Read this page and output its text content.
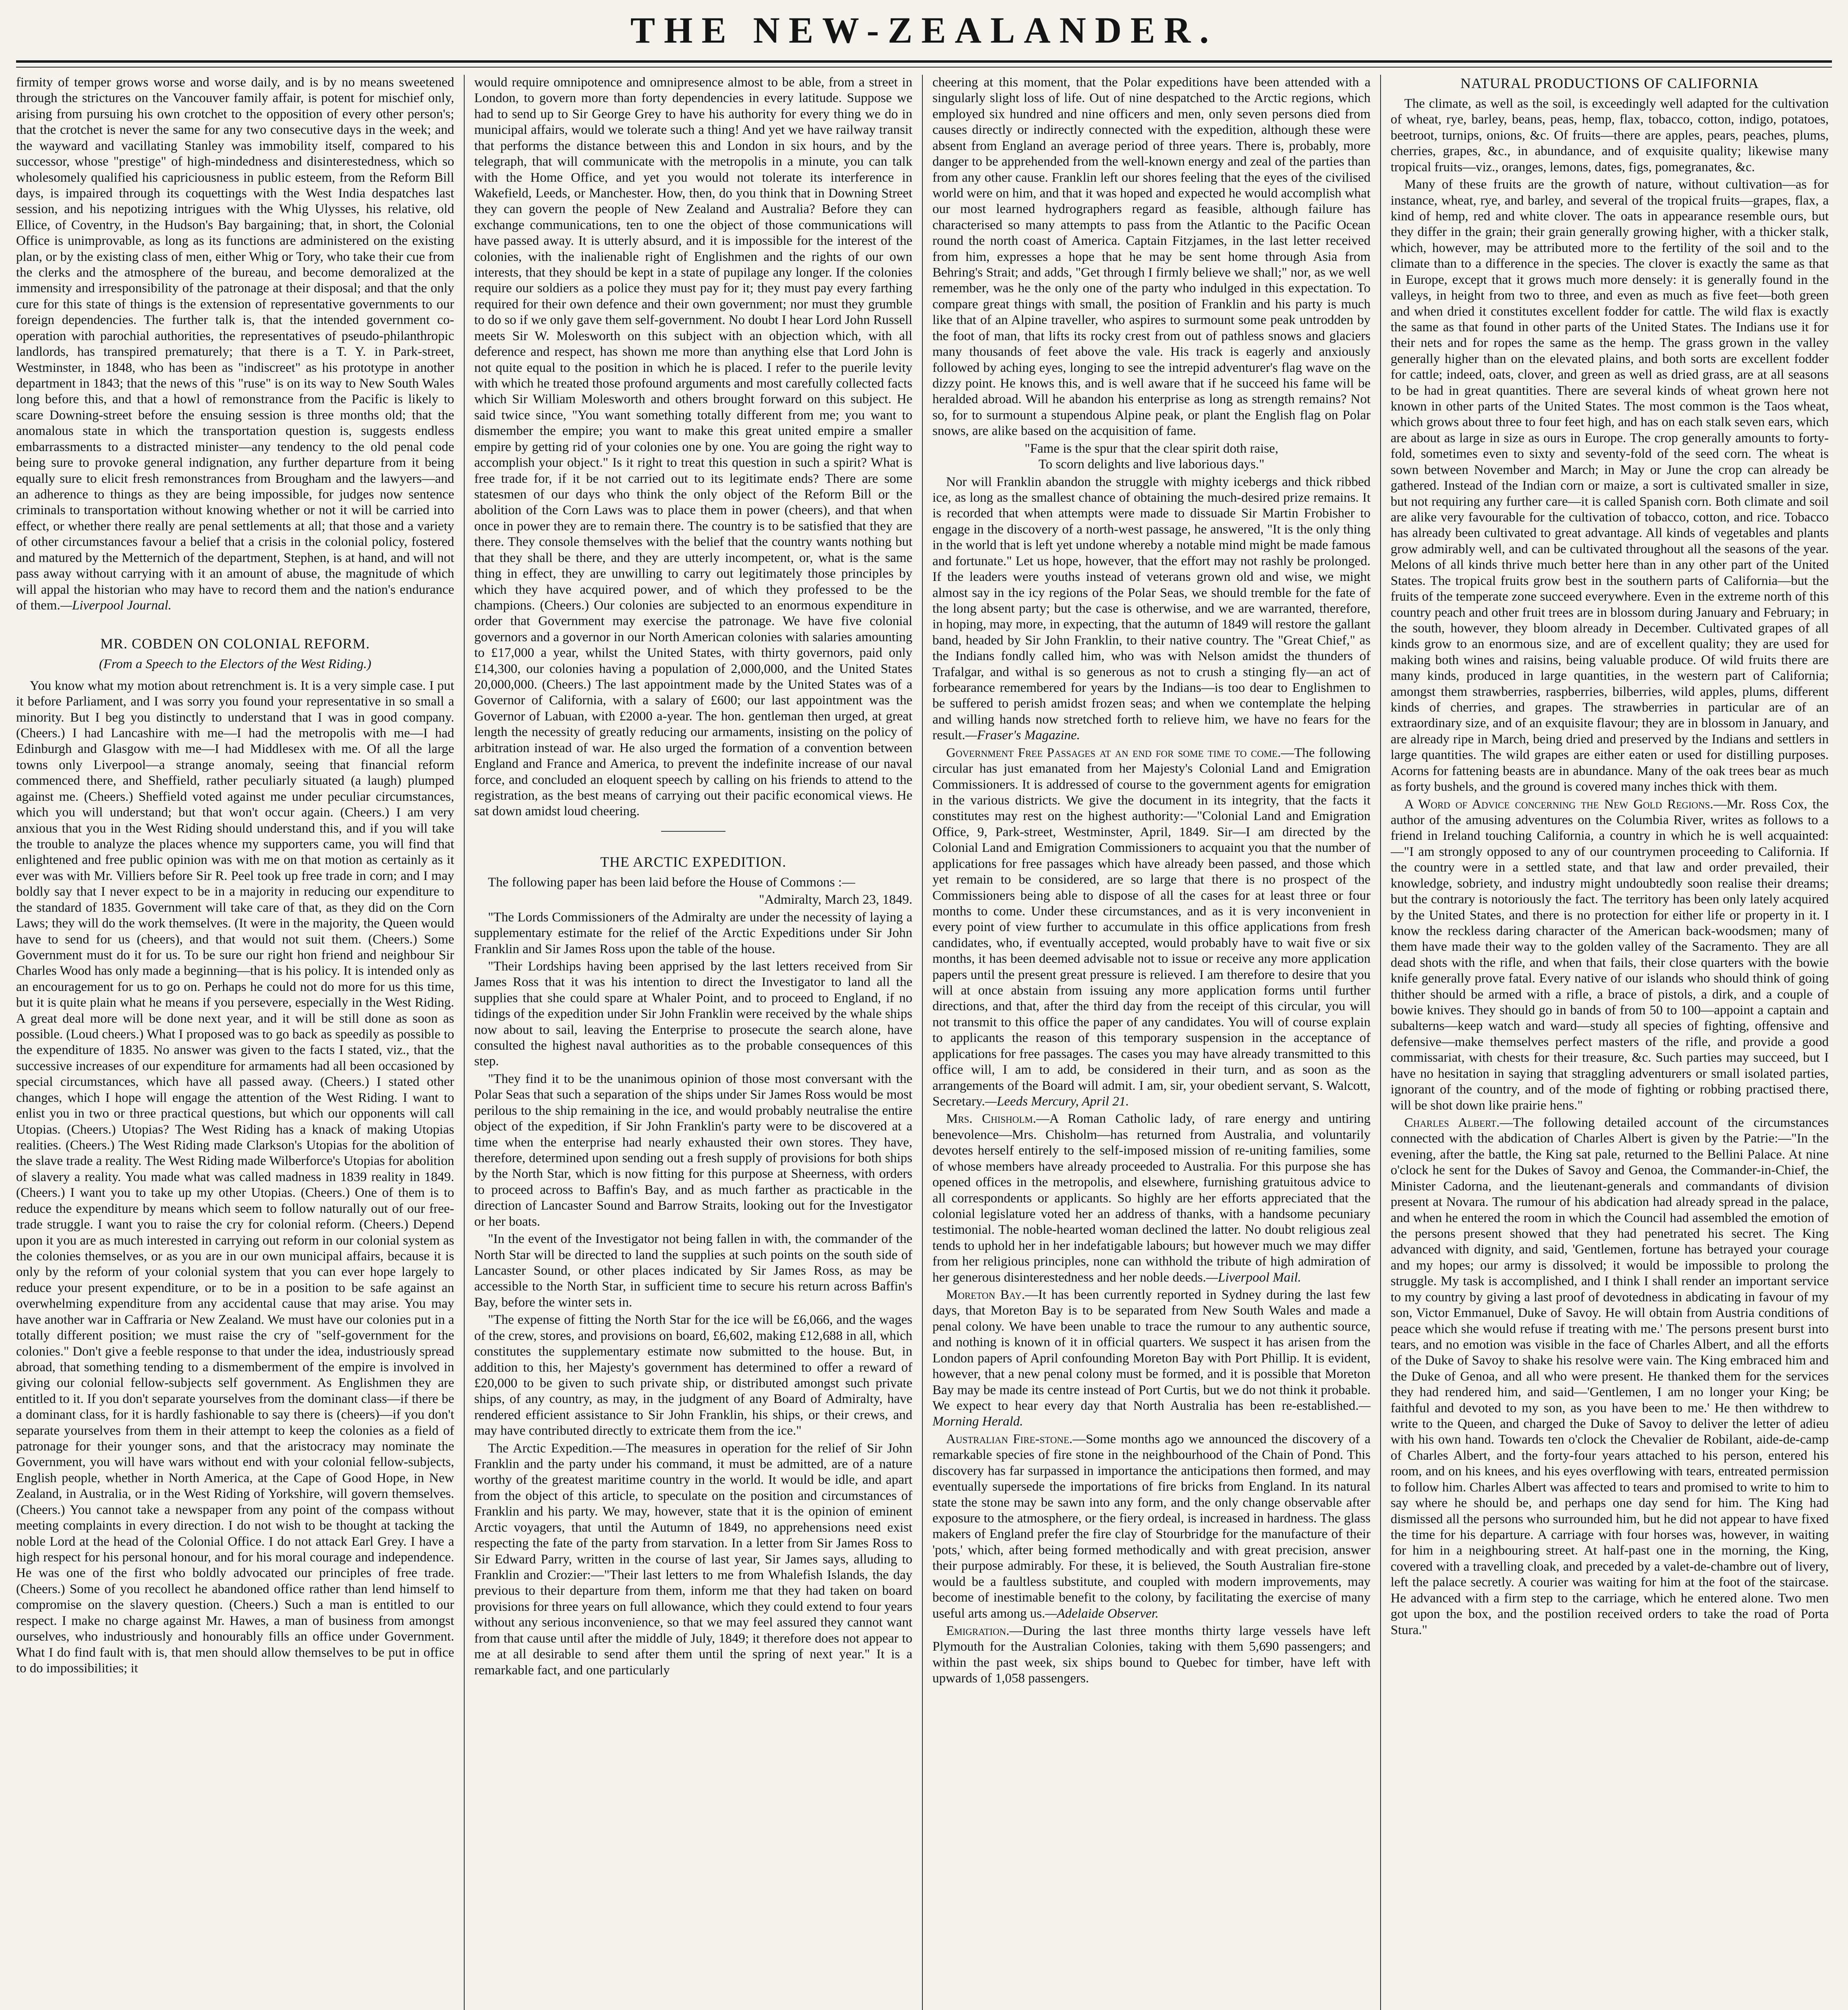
THE NEW-ZEALANDER.

firmity of temper grows worse and worse daily, and is by no means sweetened through the strictures on the Vancouver family affair, is potent for mischief only, arising from pursuing his own crotchet to the opposition of every other person's; that the crotchet is never the same for any two consecutive days in the week; and the wayward and vacillating Stanley was immobility itself, compared to his successor, whose "prestige" of high-mindedness and disinterestedness, which so wholesomely qualified his capriciousness in public esteem, from the Reform Bill days, is impaired through its coquettings with the West India despatches last session, and his nepotizing intrigues with the Whig Ulysses, his relative, old Ellice, of Coventry, in the Hudson's Bay bargaining; that, in short, the Colonial Office is unimprovable, as long as its functions are administered on the existing plan, or by the existing class of men, either Whig or Tory, who take their cue from the clerks and the atmosphere of the bureau, and become demoralized at the immensity and irresponsibility of the patronage at their disposal; and that the only cure for this state of things is the extension of representative governments to our foreign dependencies. The further talk is, that the intended government co-operation with parochial authorities, the representatives of pseudo-philanthropic landlords, has transpired prematurely; that there is a T. Y. in Park-street, Westminster, in 1848, who has been as "indiscreet" as his prototype in another department in 1843; that the news of this "ruse" is on its way to New South Wales long before this, and that a howl of remonstrance from the Pacific is likely to scare Downing-street before the ensuing session is three months old; that the anomalous state in which the transportation question is, suggests endless embarrassments to a distracted minister—any tendency to the old penal code being sure to provoke general indignation, any further departure from it being equally sure to elicit fresh remonstrances from Brougham and the lawyers—and an adherence to things as they are being impossible, for judges now sentence criminals to transportation without knowing whether or not it will be carried into effect, or whether there really are penal settlements at all; that those and a variety of other circumstances favour a belief that a crisis in the colonial policy, fostered and matured by the Metternich of the department, Stephen, is at hand, and will not pass away without carrying with it an amount of abuse, the magnitude of which will appal the historian who may have to record them and the nation's endurance of them.—Liverpool Journal.

MR. COBDEN ON COLONIAL REFORM.
(From a Speech to the Electors of the West Riding.)

You know what my motion about retrenchment is. It is a very simple case. I put it before Parliament, and I was sorry you found your representative in so small a minority. But I beg you distinctly to understand that I was in good company. (Cheers.) I had Lancashire with me—I had the metropolis with me—I had Edinburgh and Glasgow with me—I had Middlesex with me. Of all the large towns only Liverpool—a strange anomaly, seeing that financial reform commenced there, and Sheffield, rather peculiarly situated (a laugh) plumped against me. (Cheers.) Sheffield voted against me under peculiar circumstances, which you will understand; but that won't occur again. (Cheers.) I am very anxious that you in the West Riding should understand this, and if you will take the trouble to analyze the places whence my supporters came, you will find that enlightened and free public opinion was with me on that motion as certainly as it ever was with Mr. Villiers before Sir R. Peel took up free trade in corn; and I may boldly say that I never expect to be in a majority in reducing our expenditure to the standard of 1835. Government will take care of that, as they did on the Corn Laws; they will do the work themselves. (It were in the majority, the Queen would have to send for us (cheers), and that would not suit them. (Cheers.) Some Government must do it for us. To be sure our right hon friend and neighbour Sir Charles Wood has only made a beginning—that is his policy. It is intended only as an encouragement for us to go on. Perhaps he could not do more for us this time, but it is quite plain what he means if you persevere, especially in the West Riding. A great deal more will be done next year, and it will be still done as soon as possible. (Loud cheers.) What I proposed was to go back as speedily as possible to the expenditure of 1835. No answer was given to the facts I stated, viz., that the successive increases of our expenditure for armaments had all been occasioned by special circumstances, which have all passed away. (Cheers.) I stated other changes, which I hope will engage the attention of the West Riding. I want to enlist you in two or three practical questions, but which our opponents will call Utopias. (Cheers.) Utopias? The West Riding has a knack of making Utopias realities. (Cheers.) The West Riding made Clarkson's Utopias for the abolition of the slave trade a reality. The West Riding made Wilberforce's Utopias for abolition of slavery a reality. You made what was called madness in 1839 reality in 1849. (Cheers.) I want you to take up my other Utopias. (Cheers.) One of them is to reduce the expenditure by means which seem to follow naturally out of our free-trade struggle. I want you to raise the cry for colonial reform. (Cheers.) Depend upon it you are as much interested in carrying out reform in our colonial system as the colonies themselves, or as you are in our own municipal affairs, because it is only by the reform of your colonial system that you can ever hope largely to reduce your present expenditure, or to be in a position to be safe against an overwhelming expenditure from any accidental cause that may arise. You may have another war in Caffraria or New Zealand. We must have our colonies put in a totally different position; we must raise the cry of "self-government for the colonies." Don't give a feeble response to that under the idea, industriously spread abroad, that something tending to a dismemberment of the empire is involved in giving our colonial fellow-subjects self government. As Englishmen they are entitled to it. If you don't separate yourselves from the dominant class—if there be a dominant class, for it is hardly fashionable to say there is (cheers)—if you don't separate yourselves from them in their attempt to keep the colonies as a field of patronage for their younger sons, and that the aristocracy may nominate the Government, you will have wars without end with your colonial fellow-subjects, English people, whether in North America, at the Cape of Good Hope, in New Zealand, in Australia, or in the West Riding of Yorkshire, will govern themselves. (Cheers.) You cannot take a newspaper from any point of the compass without meeting complaints in every direction. I do not wish to be thought at tacking the noble Lord at the head of the Colonial Office. I do not attack Earl Grey. I have a high respect for his personal honour, and for his moral courage and independence. He was one of the first who boldly advocated our principles of free trade. (Cheers.) Some of you recollect he abandoned office rather than lend himself to compromise on the slavery question. (Cheers.) Such a man is entitled to our respect. I make no charge against Mr. Hawes, a man of business from amongst ourselves, who industriously and honourably fills an office under Government. What I do find fault with is, that men should allow themselves to be put in office to do impossibilities; it

would require omnipotence and omnipresence almost to be able, from a street in London, to govern more than forty dependencies in every latitude. Suppose we had to send up to Sir George Grey to have his authority for every thing we do in municipal affairs, would we tolerate such a thing! And yet we have railway transit that performs the distance between this and London in six hours, and by the telegraph, that will communicate with the metropolis in a minute, you can talk with the Home Office, and yet you would not tolerate its interference in Wakefield, Leeds, or Manchester. How, then, do you think that in Downing Street they can govern the people of New Zealand and Australia? Before they can exchange communications, ten to one the object of those communications will have passed away. It is utterly absurd, and it is impossible for the interest of the colonies, with the inalienable right of Englishmen and the rights of our own interests, that they should be kept in a state of pupilage any longer. If the colonies require our soldiers as a police they must pay for it; they must pay every farthing required for their own defence and their own government; nor must they grumble to do so if we only gave them self-government. No doubt I hear Lord John Russell meets Sir W. Molesworth on this subject with an objection which, with all deference and respect, has shown me more than anything else that Lord John is not quite equal to the position in which he is placed. I refer to the puerile levity with which he treated those profound arguments and most carefully collected facts which Sir William Molesworth and others brought forward on this subject. He said twice since, "You want something totally different from me; you want to dismember the empire; you want to make this great united empire a smaller empire by getting rid of your colonies one by one. You are going the right way to accomplish your object." Is it right to treat this question in such a spirit? What is free trade for, if it be not carried out to its legitimate ends? There are some statesmen of our days who think the only object of the Reform Bill or the abolition of the Corn Laws was to place them in power (cheers), and that when once in power they are to remain there. The country is to be satisfied that they are there. They console themselves with the belief that the country wants nothing but that they shall be there, and they are utterly incompetent, or, what is the same thing in effect, they are unwilling to carry out legitimately those principles by which they have acquired power, and of which they professed to be the champions. (Cheers.) Our colonies are subjected to an enormous expenditure in order that Government may exercise the patronage. We have five colonial governors and a governor in our North American colonies with salaries amounting to £17,000 a year, whilst the United States, with thirty governors, paid only £14,300, our colonies having a population of 2,000,000, and the United States 20,000,000. (Cheers.) The last appointment made by the United States was of a Governor of California, with a salary of £600; our last appointment was the Governor of Labuan, with £2000 a-year. The hon. gentleman then urged, at great length the necessity of greatly reducing our armaments, insisting on the policy of arbitration instead of war. He also urged the formation of a convention between England and France and America, to prevent the indefinite increase of our naval force, and concluded an eloquent speech by calling on his friends to attend to the registration, as the best means of carrying out their pacific economical views. He sat down amidst loud cheering.

THE ARCTIC EXPEDITION.

The following paper has been laid before the House of Commons :—

"Admiralty, March 23, 1849.

"The Lords Commissioners of the Admiralty are under the necessity of laying a supplementary estimate for the relief of the Arctic Expeditions under Sir John Franklin and Sir James Ross upon the table of the house.

"Their Lordships having been apprised by the last letters received from Sir James Ross that it was his intention to direct the Investigator to land all the supplies that she could spare at Whaler Point, and to proceed to England, if no tidings of the expedition under Sir John Franklin were received by the whale ships now about to sail, leaving the Enterprise to prosecute the search alone, have consulted the highest naval authorities as to the probable consequences of this step.

"They find it to be the unanimous opinion of those most conversant with the Polar Seas that such a separation of the ships under Sir James Ross would be most perilous to the ship remaining in the ice, and would probably neutralise the entire object of the expedition, if Sir John Franklin's party were to be discovered at a time when the enterprise had nearly exhausted their own stores. They have, therefore, determined upon sending out a fresh supply of provisions for both ships by the North Star, which is now fitting for this purpose at Sheerness, with orders to proceed across to Baffin's Bay, and as much farther as practicable in the direction of Lancaster Sound and Barrow Straits, looking out for the Investigator or her boats.

"In the event of the Investigator not being fallen in with, the commander of the North Star will be directed to land the supplies at such points on the south side of Lancaster Sound, or other places indicated by Sir James Ross, as may be accessible to the North Star, in sufficient time to secure his return across Baffin's Bay, before the winter sets in.

"The expense of fitting the North Star for the ice will be £6,066, and the wages of the crew, stores, and provisions on board, £6,602, making £12,688 in all, which constitutes the supplementary estimate now submitted to the house. But, in addition to this, her Majesty's government has determined to offer a reward of £20,000 to be given to such private ship, or distributed amongst such private ships, of any country, as may, in the judgment of any Board of Admiralty, have rendered efficient assistance to Sir John Franklin, his ships, or their crews, and may have contributed directly to extricate them from the ice."

The Arctic Expedition.—The measures in operation for the relief of Sir John Franklin and the party under his command, it must be admitted, are of a nature worthy of the greatest maritime country in the world. It would be idle, and apart from the object of this article, to speculate on the position and circumstances of Franklin and his party. We may, however, state that it is the opinion of eminent Arctic voyagers, that until the Autumn of 1849, no apprehensions need exist respecting the fate of the party from starvation. In a letter from Sir James Ross to Sir Edward Parry, written in the course of last year, Sir James says, alluding to Franklin and Crozier:—"Their last letters to me from Whalefish Islands, the day previous to their departure from them, inform me that they had taken on board provisions for three years on full allowance, which they could extend to four years without any serious inconvenience, so that we may feel assured they cannot want from that cause until after the middle of July, 1849; it therefore does not appear to me at all desirable to send after them until the spring of next year." It is a remarkable fact, and one particularly

cheering at this moment, that the Polar expeditions have been attended with a singularly slight loss of life. Out of nine despatched to the Arctic regions, which employed six hundred and nine officers and men, only seven persons died from causes directly or indirectly connected with the expedition, although these were absent from England an average period of three years. There is, probably, more danger to be apprehended from the well-known energy and zeal of the parties than from any other cause. Franklin left our shores feeling that the eyes of the civilised world were on him, and that it was hoped and expected he would accomplish what our most learned hydrographers regard as feasible, although failure has characterised so many attempts to pass from the Atlantic to the Pacific Ocean round the north coast of America. Captain Fitzjames, in the last letter received from him, expresses a hope that he may be sent home through Asia from Behring's Strait; and adds, "Get through I firmly believe we shall;" nor, as we well remember, was he the only one of the party who indulged in this expectation. To compare great things with small, the position of Franklin and his party is much like that of an Alpine traveller, who aspires to surmount some peak untrodden by the foot of man, that lifts its rocky crest from out of pathless snows and glaciers many thousands of feet above the vale. His track is eagerly and anxiously followed by aching eyes, longing to see the intrepid adventurer's flag wave on the dizzy point. He knows this, and is well aware that if he succeed his fame will be heralded abroad. Will he abandon his enterprise as long as strength remains? Not so, for to surmount a stupendous Alpine peak, or plant the English flag on Polar snows, are alike based on the acquisition of fame.

"Fame is the spur that the clear spirit doth raise,
To scorn delights and live laborious days."

Nor will Franklin abandon the struggle with mighty icebergs and thick ribbed ice, as long as the smallest chance of obtaining the much-desired prize remains. It is recorded that when attempts were made to dissuade Sir Martin Frobisher to engage in the discovery of a north-west passage, he answered, "It is the only thing in the world that is left yet undone whereby a notable mind might be made famous and fortunate." Let us hope, however, that the effort may not rashly be prolonged. If the leaders were youths instead of veterans grown old and wise, we might almost say in the icy regions of the Polar Seas, we should tremble for the fate of the long absent party; but the case is otherwise, and we are warranted, therefore, in hoping, may more, in expecting, that the autumn of 1849 will restore the gallant band, headed by Sir John Franklin, to their native country. The "Great Chief," as the Indians fondly called him, who was with Nelson amidst the thunders of Trafalgar, and withal is so generous as not to crush a stinging fly—an act of forbearance remembered for years by the Indians—is too dear to Englishmen to be suffered to perish amidst frozen seas; and when we contemplate the helping and willing hands now stretched forth to relieve him, we have no fears for the result.—Fraser's Magazine.

Government Free Passages at an end for some time to come.—The following circular has just emanated from her Majesty's Colonial Land and Emigration Commissioners. It is addressed of course to the government agents for emigration in the various districts. We give the document in its integrity, that the facts it constitutes may rest on the highest authority:—"Colonial Land and Emigration Office, 9, Park-street, Westminster, April, 1849. Sir—I am directed by the Colonial Land and Emigration Commissioners to acquaint you that the number of applications for free passages which have already been passed, and those which yet remain to be considered, are so large that there is no prospect of the Commissioners being able to dispose of all the cases for at least three or four months to come. Under these circumstances, and as it is very inconvenient in every point of view further to accumulate in this office applications from fresh candidates, who, if eventually accepted, would probably have to wait five or six months, it has been deemed advisable not to issue or receive any more application papers until the present great pressure is relieved. I am therefore to desire that you will at once abstain from issuing any more application forms until further directions, and that, after the third day from the receipt of this circular, you will not transmit to this office the paper of any candidates. You will of course explain to applicants the reason of this temporary suspension in the acceptance of applications for free passages. The cases you may have already transmitted to this office will, I am to add, be considered in their turn, and as soon as the arrangements of the Board will admit. I am, sir, your obedient servant, S. Walcott, Secretary.—Leeds Mercury, April 21.

Mrs. Chisholm.—A Roman Catholic lady, of rare energy and untiring benevolence—Mrs. Chisholm—has returned from Australia, and voluntarily devotes herself entirely to the self-imposed mission of re-uniting families, some of whose members have already proceeded to Australia. For this purpose she has opened offices in the metropolis, and elsewhere, furnishing gratuitous advice to all correspondents or applicants. So highly are her efforts appreciated that the colonial legislature voted her an address of thanks, with a handsome pecuniary testimonial. The noble-hearted woman declined the latter. No doubt religious zeal tends to uphold her in her indefatigable labours; but however much we may differ from her religious principles, none can withhold the tribute of high admiration of her generous disinterestedness and her noble deeds.—Liverpool Mail.

Moreton Bay.—It has been currently reported in Sydney during the last few days, that Moreton Bay is to be separated from New South Wales and made a penal colony. We have been unable to trace the rumour to any authentic source, and nothing is known of it in official quarters. We suspect it has arisen from the London papers of April confounding Moreton Bay with Port Phillip. It is evident, however, that a new penal colony must be formed, and it is possible that Moreton Bay may be made its centre instead of Port Curtis, but we do not think it probable. We expect to hear every day that North Australia has been re-established.—Morning Herald.

Australian Fire-stone.—Some months ago we announced the discovery of a remarkable species of fire stone in the neighbourhood of the Chain of Pond. This discovery has far surpassed in importance the anticipations then formed, and may eventually supersede the importations of fire bricks from England. In its natural state the stone may be sawn into any form, and the only change observable after exposure to the atmosphere, or the fiery ordeal, is increased in hardness. The glass makers of England prefer the fire clay of Stourbridge for the manufacture of their 'pots,' which, after being formed methodically and with great precision, answer their purpose admirably. For these, it is believed, the South Australian fire-stone would be a faultless substitute, and coupled with modern improvements, may become of inestimable benefit to the colony, by facilitating the exercise of many useful arts among us.—Adelaide Observer.

Emigration.—During the last three months thirty large vessels have left Plymouth for the Australian Colonies, taking with them 5,690 passengers; and within the past week, six ships bound to Quebec for timber, have left with upwards of 1,058 passengers.

NATURAL PRODUCTIONS OF CALIFORNIA

The climate, as well as the soil, is exceedingly well adapted for the cultivation of wheat, rye, barley, beans, peas, hemp, flax, tobacco, cotton, indigo, potatoes, beetroot, turnips, onions, &c. Of fruits—there are apples, pears, peaches, plums, cherries, grapes, &c., in abundance, and of exquisite quality; likewise many tropical fruits—viz., oranges, lemons, dates, figs, pomegranates, &c.

Many of these fruits are the growth of nature, without cultivation—as for instance, wheat, rye, and barley, and several of the tropical fruits—grapes, flax, a kind of hemp, red and white clover. The oats in appearance resemble ours, but they differ in the grain; their grain generally growing higher, with a thicker stalk, which, however, may be attributed more to the fertility of the soil and to the climate than to a difference in the species. The clover is exactly the same as that in Europe, except that it grows much more densely: it is generally found in the valleys, in height from two to three, and even as much as five feet—both green and when dried it constitutes excellent fodder for cattle. The wild flax is exactly the same as that found in other parts of the United States. The Indians use it for their nets and for ropes the same as the hemp. The grass grown in the valley generally higher than on the elevated plains, and both sorts are excellent fodder for cattle; indeed, oats, clover, and green as well as dried grass, are at all seasons to be had in great quantities. There are several kinds of wheat grown here not known in other parts of the United States. The most common is the Taos wheat, which grows about three to four feet high, and has on each stalk seven ears, which are about as large in size as ours in Europe. The crop generally amounts to forty-fold, sometimes even to sixty and seventy-fold of the seed corn. The wheat is sown between November and March; in May or June the crop can already be gathered. Instead of the Indian corn or maize, a sort is cultivated smaller in size, but not requiring any further care—it is called Spanish corn. Both climate and soil are alike very favourable for the cultivation of tobacco, cotton, and rice. Tobacco has already been cultivated to great advantage. All kinds of vegetables and plants grow admirably well, and can be cultivated throughout all the seasons of the year. Melons of all kinds thrive much better here than in any other part of the United States. The tropical fruits grow best in the southern parts of California—but the fruits of the temperate zone succeed everywhere. Even in the extreme north of this country peach and other fruit trees are in blossom during January and February; in the south, however, they bloom already in December. Cultivated grapes of all kinds grow to an enormous size, and are of excellent quality; they are used for making both wines and raisins, being valuable produce. Of wild fruits there are many kinds, produced in large quantities, in the western part of California; amongst them strawberries, raspberries, bilberries, wild apples, plums, different kinds of cherries, and grapes. The strawberries in particular are of an extraordinary size, and of an exquisite flavour; they are in blossom in January, and are already ripe in March, being dried and preserved by the Indians and settlers in large quantities. The wild grapes are either eaten or used for distilling purposes. Acorns for fattening beasts are in abundance. Many of the oak trees bear as much as forty bushels, and the ground is covered many inches thick with them.

A Word of Advice concerning the New Gold Regions.—Mr. Ross Cox, the author of the amusing adventures on the Columbia River, writes as follows to a friend in Ireland touching California, a country in which he is well acquainted:—"I am strongly opposed to any of our countrymen proceeding to California. If the country were in a settled state, and that law and order prevailed, their knowledge, sobriety, and industry might undoubtedly soon realise their dreams; but the contrary is notoriously the fact. The territory has been only lately acquired by the United States, and there is no protection for either life or property in it. I know the reckless daring character of the American back-woodsmen; many of them have made their way to the golden valley of the Sacramento. They are all dead shots with the rifle, and when that fails, their close quarters with the bowie knife generally prove fatal. Every native of our islands who should think of going thither should be armed with a rifle, a brace of pistols, a dirk, and a couple of bowie knives. They should go in bands of from 50 to 100—appoint a captain and subalterns—keep watch and ward—study all species of fighting, offensive and defensive—make themselves perfect masters of the rifle, and provide a good commissariat, with chests for their treasure, &c. Such parties may succeed, but I have no hesitation in saying that straggling adventurers or small isolated parties, ignorant of the country, and of the mode of fighting or robbing practised there, will be shot down like prairie hens."

Charles Albert.—The following detailed account of the circumstances connected with the abdication of Charles Albert is given by the Patrie:—"In the evening, after the battle, the King sat pale, returned to the Bellini Palace. At nine o'clock he sent for the Dukes of Savoy and Genoa, the Commander-in-Chief, the Minister Cadorna, and the lieutenant-generals and commandants of division present at Novara. The rumour of his abdication had already spread in the palace, and when he entered the room in which the Council had assembled the emotion of the persons present showed that they had penetrated his secret. The King advanced with dignity, and said, 'Gentlemen, fortune has betrayed your courage and my hopes; our army is dissolved; it would be impossible to prolong the struggle. My task is accomplished, and I think I shall render an important service to my country by giving a last proof of devotedness in abdicating in favour of my son, Victor Emmanuel, Duke of Savoy. He will obtain from Austria conditions of peace which she would refuse if treating with me.' The persons present burst into tears, and no emotion was visible in the face of Charles Albert, and all the efforts of the Duke of Savoy to shake his resolve were vain. The King embraced him and the Duke of Genoa, and all who were present. He thanked them for the services they had rendered him, and said—'Gentlemen, I am no longer your King; be faithful and devoted to my son, as you have been to me.' He then withdrew to write to the Queen, and charged the Duke of Savoy to deliver the letter of adieu with his own hand. Towards ten o'clock the Chevalier de Robilant, aide-de-camp of Charles Albert, and the forty-four years attached to his person, entered his room, and on his knees, and his eyes overflowing with tears, entreated permission to follow him. Charles Albert was affected to tears and promised to write to him to say where he should be, and perhaps one day send for him. The King had dismissed all the persons who surrounded him, but he did not appear to have fixed the time for his departure. A carriage with four horses was, however, in waiting for him in a neighbouring street. At half-past one in the morning, the King, covered with a travelling cloak, and preceded by a valet-de-chambre out of livery, left the palace secretly. A courier was waiting for him at the foot of the staircase. He advanced with a firm step to the carriage, which he entered alone. Two men got upon the box, and the postilion received orders to take the road of Porta Stura."
